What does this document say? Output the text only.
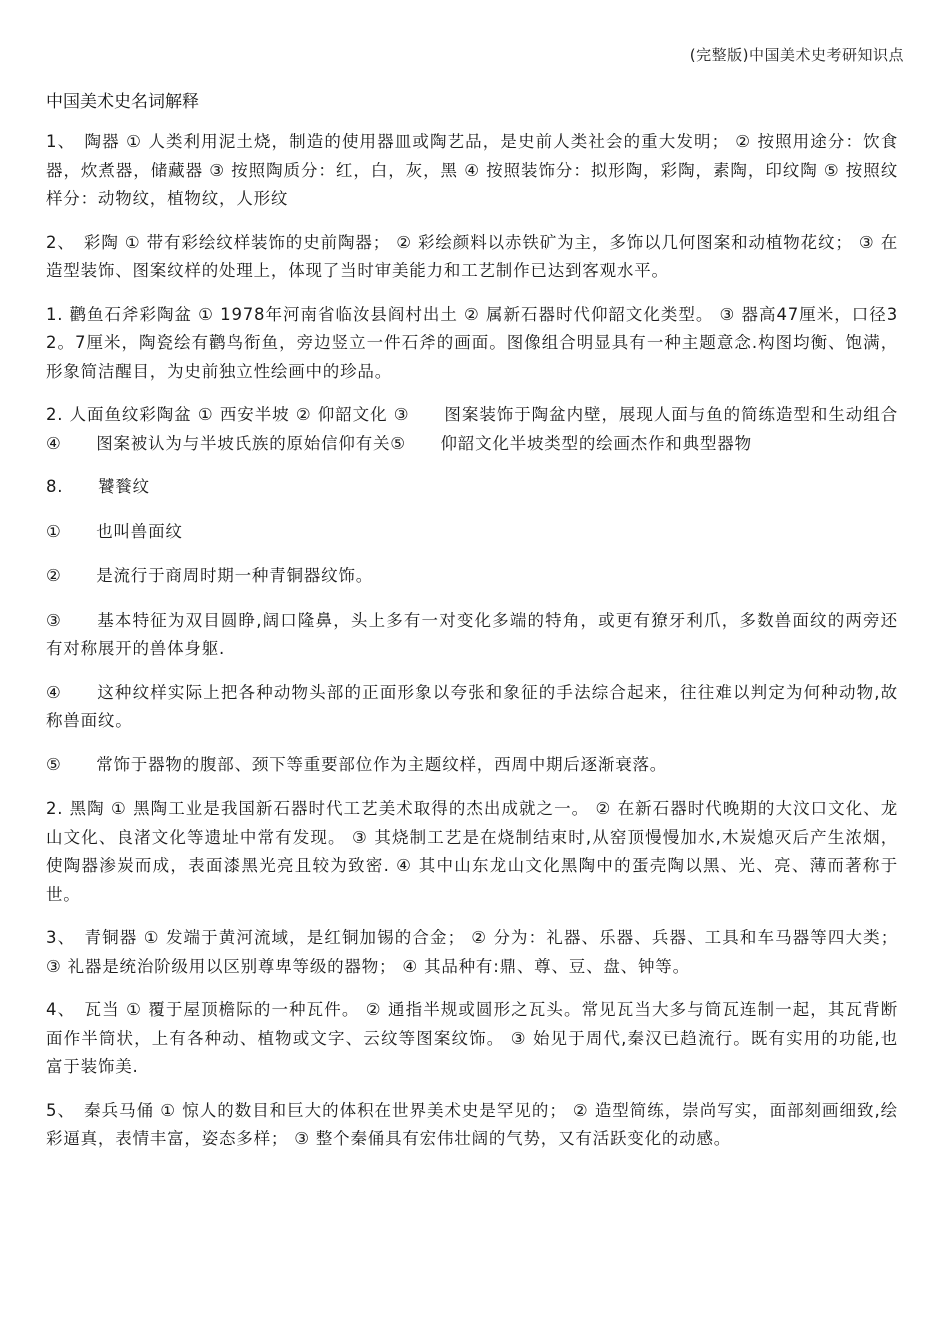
(完整版)中国美术史考研知识点
中国美术史名词解释

1、　陶器 ① 人类利用泥土烧，制造的使用器皿或陶艺品，是史前人类社会的重大发明； ② 按照用途分：饮食器，炊煮器，储藏器 ③ 按照陶质分：红，白，灰，黑 ④ 按照装饰分：拟形陶，彩陶，素陶，印纹陶 ⑤ 按照纹样分：动物纹，植物纹，人形纹

2、　彩陶 ① 带有彩绘纹样装饰的史前陶器； ② 彩绘颜料以赤铁矿为主，多饰以几何图案和动植物花纹； ③ 在造型装饰、图案纹样的处理上，体现了当时审美能力和工艺制作已达到客观水平。

1. 鹳鱼石斧彩陶盆 ① 1978年河南省临汝县阎村出土 ② 属新石器时代仰韶文化类型。 ③ 器高47厘米，口径32。7厘米，陶瓷绘有鹳鸟衔鱼，旁边竖立一件石斧的画面。图像组合明显具有一种主题意念.构图均衡、饱满，形象简洁醒目，为史前独立性绘画中的珍品。

2. 人面鱼纹彩陶盆 ① 西安半坡 ② 仰韶文化 ③　　图案装饰于陶盆内壁，展现人面与鱼的简练造型和生动组合④　　图案被认为与半坡氏族的原始信仰有关⑤　　仰韶文化半坡类型的绘画杰作和典型器物

8.　　饕餮纹

①　　也叫兽面纹

②　　是流行于商周时期一种青铜器纹饰。

③　　基本特征为双目圆睁,阔口隆鼻，头上多有一对变化多端的特角，或更有獠牙利爪，多数兽面纹的两旁还有对称展开的兽体身躯.

④　　这种纹样实际上把各种动物头部的正面形象以夸张和象征的手法综合起来，往往难以判定为何种动物,故称兽面纹。

⑤　　常饰于器物的腹部、颈下等重要部位作为主题纹样，西周中期后逐渐衰落。

2. 黑陶 ① 黑陶工业是我国新石器时代工艺美术取得的杰出成就之一。 ② 在新石器时代晚期的大汶口文化、龙山文化、良渚文化等遗址中常有发现。 ③ 其烧制工艺是在烧制结束时,从窑顶慢慢加水,木炭熄灭后产生浓烟，使陶器渗炭而成，表面漆黑光亮且较为致密. ④ 其中山东龙山文化黑陶中的蛋壳陶以黑、光、亮、薄而著称于世。

3、　青铜器 ① 发端于黄河流域，是红铜加锡的合金； ② 分为：礼器、乐器、兵器、工具和车马器等四大类； ③ 礼器是统治阶级用以区别尊卑等级的器物； ④ 其品种有:鼎、尊、豆、盘、钟等。

4、　瓦当 ① 覆于屋顶檐际的一种瓦件。 ② 通指半规或圆形之瓦头。常见瓦当大多与筒瓦连制一起，其瓦背断面作半筒状，上有各种动、植物或文字、云纹等图案纹饰。 ③ 始见于周代,秦汉已趋流行。既有实用的功能,也富于装饰美.

5、　秦兵马俑 ① 惊人的数目和巨大的体积在世界美术史是罕见的； ② 造型简练，崇尚写实，面部刻画细致,绘彩逼真，表情丰富，姿态多样； ③ 整个秦俑具有宏伟壮阔的气势，又有活跃变化的动感。
